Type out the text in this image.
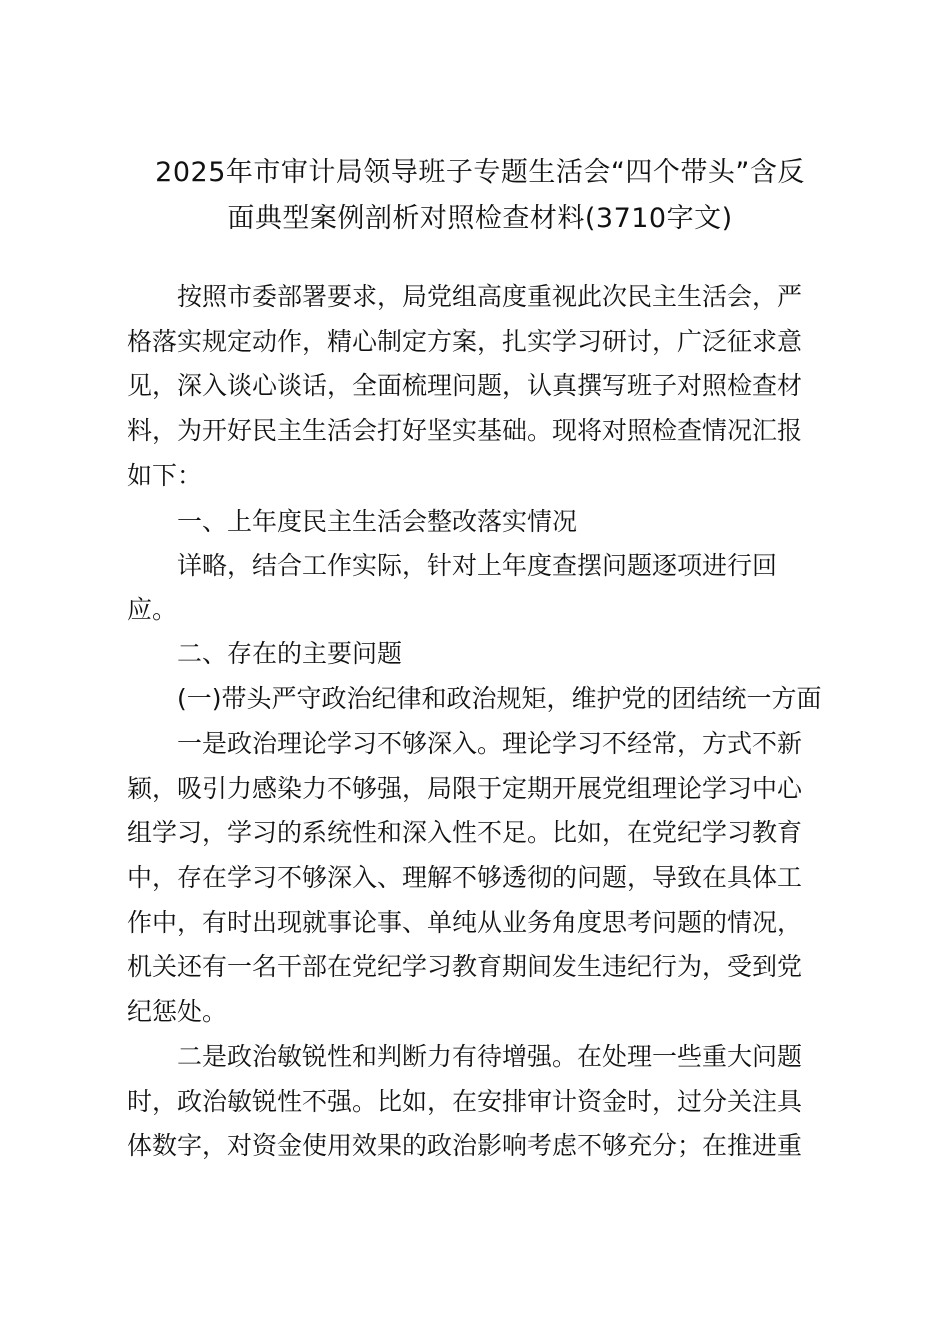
2025年市审计局领导班子专题生活会“四个带头”含反
面典型案例剖析对照检查材料(3710字文)

按照市委部署要求，局党组高度重视此次民主生活会，严

格落实规定动作，精心制定方案，扎实学习研讨，广泛征求意

见，深入谈心谈话，全面梳理问题，认真撰写班子对照检查材

料，为开好民主生活会打好坚实基础。现将对照检查情况汇报

如下：

一、上年度民主生活会整改落实情况

详略，结合工作实际，针对上年度查摆问题逐项进行回

应。

二、存在的主要问题

(一)带头严守政治纪律和政治规矩，维护党的团结统一方面

一是政治理论学习不够深入。理论学习不经常，方式不新

颖，吸引力感染力不够强，局限于定期开展党组理论学习中心

组学习，学习的系统性和深入性不足。比如，在党纪学习教育

中，存在学习不够深入、理解不够透彻的问题，导致在具体工

作中，有时出现就事论事、单纯从业务角度思考问题的情况，

机关还有一名干部在党纪学习教育期间发生违纪行为，受到党

纪惩处。

二是政治敏锐性和判断力有待增强。在处理一些重大问题

时，政治敏锐性不强。比如，在安排审计资金时，过分关注具

体数字，对资金使用效果的政治影响考虑不够充分；在推进重
